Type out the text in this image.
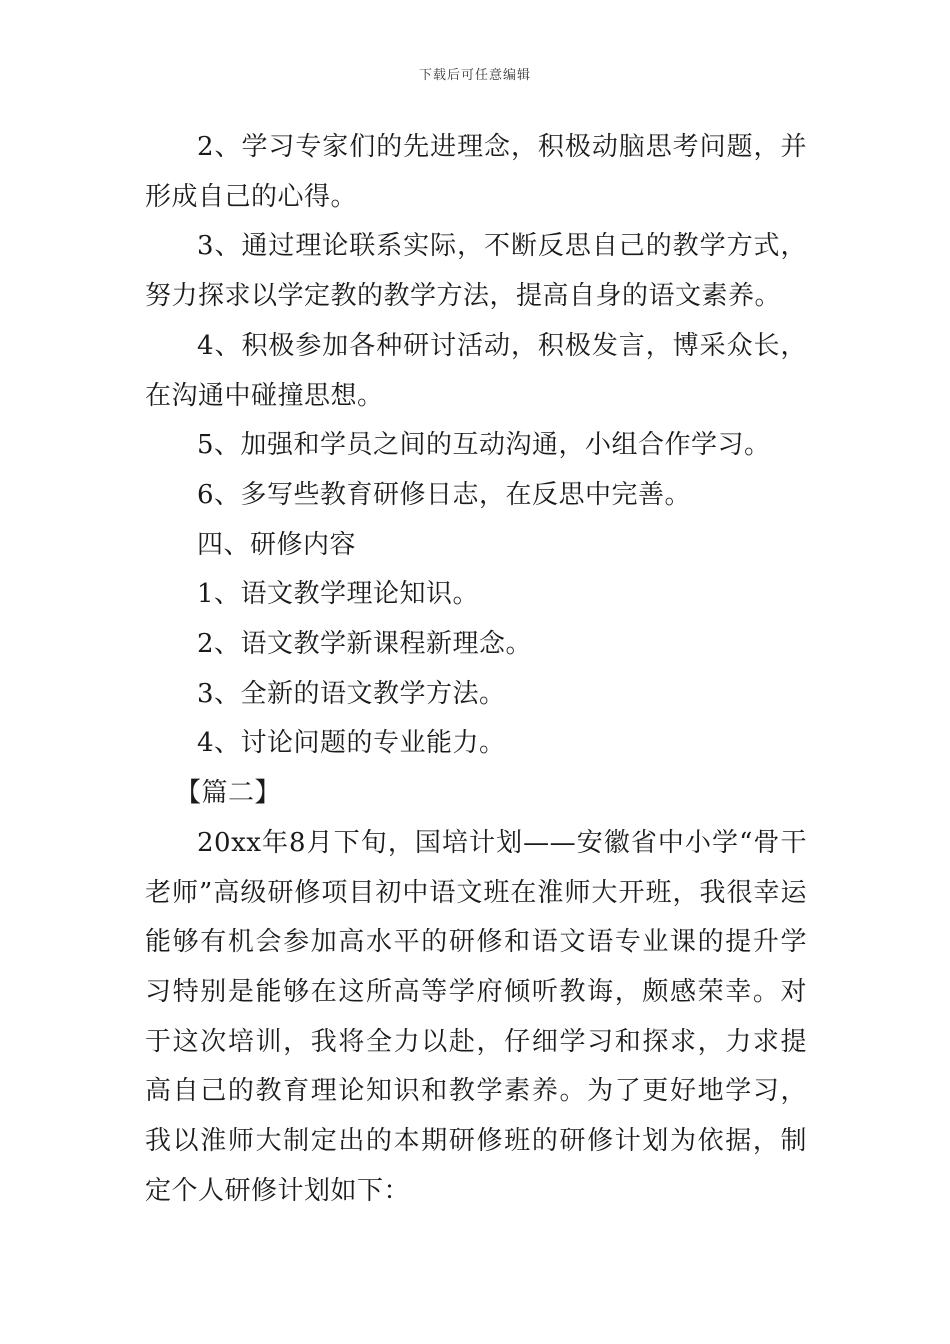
下载后可任意编辑

2、学习专家们的先进理念，积极动脑思考问题，并形成自己的心得。

3、通过理论联系实际，不断反思自己的教学方式，努力探求以学定教的教学方法，提高自身的语文素养。

4、积极参加各种研讨活动，积极发言，博采众长，在沟通中碰撞思想。

5、加强和学员之间的互动沟通，小组合作学习。

6、多写些教育研修日志，在反思中完善。

四、研修内容

1、语文教学理论知识。

2、语文教学新课程新理念。

3、全新的语文教学方法。

4、讨论问题的专业能力。

【篇二】

20xx年8月下旬，国培计划——安徽省中小学“骨干老师”高级研修项目初中语文班在淮师大开班，我很幸运能够有机会参加高水平的研修和语文语专业课的提升学习特别是能够在这所高等学府倾听教诲，颇感荣幸。对于这次培训，我将全力以赴，仔细学习和探求，力求提高自己的教育理论知识和教学素养。为了更好地学习，我以淮师大制定出的本期研修班的研修计划为依据，制定个人研修计划如下：
